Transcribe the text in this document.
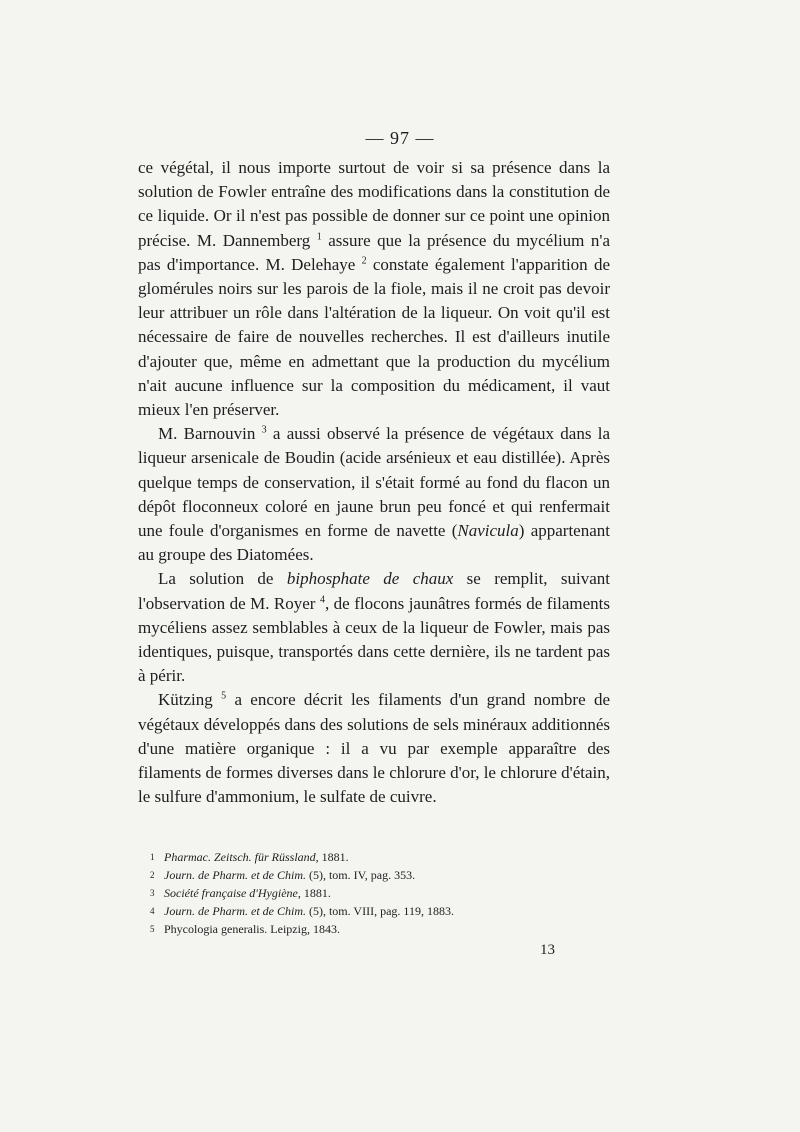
— 97 —

ce végétal, il nous importe surtout de voir si sa présence dans la solution de Fowler entraîne des modifications dans la constitution de ce liquide. Or il n'est pas possible de donner sur ce point une opinion précise. M. Dannemberg $^1$ assure que la présence du mycélium n'a pas d'importance. M. Delehaye $^2$ constate également l'apparition de glomérules noirs sur les parois de la fiole, mais il ne croit pas devoir leur attribuer un rôle dans l'altération de la liqueur. On voit qu'il est nécessaire de faire de nouvelles recherches. Il est d'ailleurs inutile d'ajouter que, même en admettant que la production du mycélium n'ait aucune influence sur la composition du médicament, il vaut mieux l'en préserver.

M. Barnouvin $^3$ a aussi observé la présence de végétaux dans la liqueur arsenicale de Boudin (acide arsénieux et eau distillée). Après quelque temps de conservation, il s'était formé au fond du flacon un dépôt floconneux coloré en jaune brun peu foncé et qui renfermait une foule d'organismes en forme de navette (Navicula) appartenant au groupe des Diatomées.

La solution de biphosphate de chaux se remplit, suivant l'observation de M. Royer $^4$, de flocons jaunâtres formés de filaments mycéliens assez semblables à ceux de la liqueur de Fowler, mais pas identiques, puisque, transportés dans cette dernière, ils ne tardent pas à périr.

Kützing $^5$ a encore décrit les filaments d'un grand nombre de végétaux développés dans des solutions de sels minéraux additionnés d'une matière organique : il a vu par exemple apparaître des filaments de formes diverses dans le chlorure d'or, le chlorure d'étain, le sulfure d'ammonium, le sulfate de cuivre.

1 Pharmac. Zeitsch. für Rüssland, 1881.
2 Journ. de Pharm. et de Chim. (5), tom. IV, pag. 353.
3 Société française d'Hygiène, 1881.
4 Journ. de Pharm. et de Chim. (5), tom. VIII, pag. 119, 1883.
5 Phycologia generalis. Leipzig, 1843.
13
